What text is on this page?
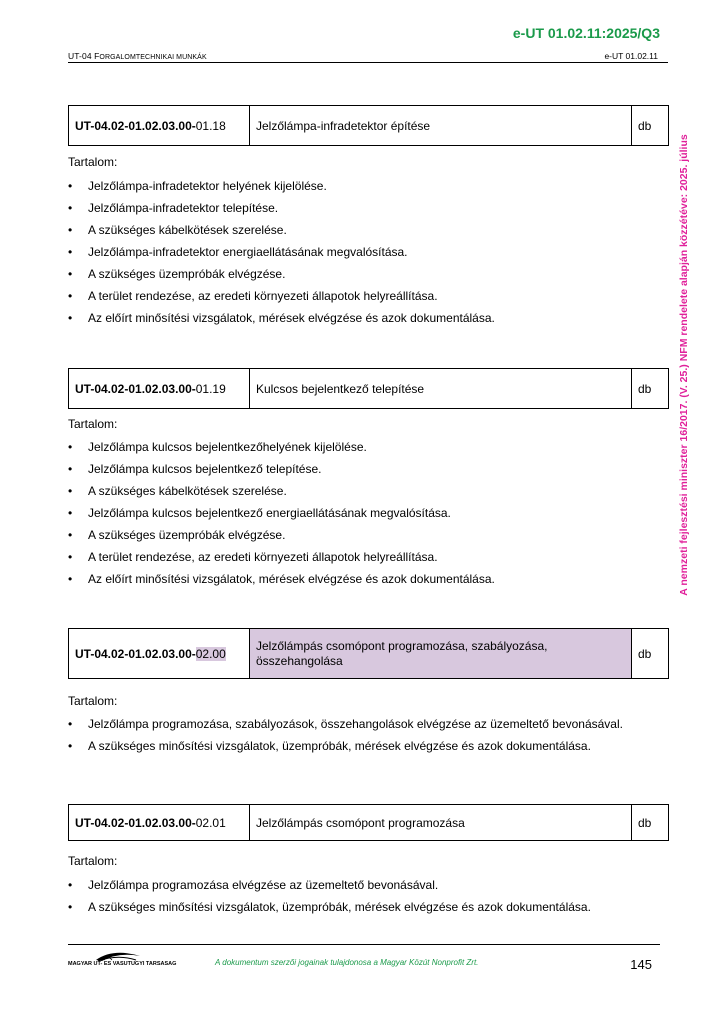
e-UT 01.02.11:2025/Q3
UT-04 FORGALOMTECHNIKAI MUNKÁK	e-UT 01.02.11
A nemzeti fejlesztési miniszter 16/2017. (V. 25.) NFM rendelete alapján közzétéve: 2025. július
UT-04.02-01.02.03.00-01.18	Jelzőlámpa-infradetektor építése	db
Tartalom:
• Jelzőlámpa-infradetektor helyének kijelölése.
• Jelzőlámpa-infradetektor telepítése.
• A szükséges kábelkötések szerelése.
• Jelzőlámpa-infradetektor energiaellátásának megvalósítása.
• A szükséges üzempróbák elvégzése.
• A terület rendezése, az eredeti környezeti állapotok helyreállítása.
• Az előírt minősítési vizsgálatok, mérések elvégzése és azok dokumentálása.
UT-04.02-01.02.03.00-01.19	Kulcsos bejelentkező telepítése	db
Tartalom:
• Jelzőlámpa kulcsos bejelentkezőhelyének kijelölése.
• Jelzőlámpa kulcsos bejelentkező telepítése.
• A szükséges kábelkötések szerelése.
• Jelzőlámpa kulcsos bejelentkező energiaellátásának megvalósítása.
• A szükséges üzempróbák elvégzése.
• A terület rendezése, az eredeti környezeti állapotok helyreállítása.
• Az előírt minősítési vizsgálatok, mérések elvégzése és azok dokumentálása.
UT-04.02-01.02.03.00-02.00	Jelzőlámpás csomópont programozása, szabályozása, összehangolása	db
Tartalom:
• Jelzőlámpa programozása, szabályozások, összehangolások elvégzése az üzemeltető bevonásával.
• A szükséges minősítési vizsgálatok, üzempróbák, mérések elvégzése és azok dokumentálása.
UT-04.02-01.02.03.00-02.01	Jelzőlámpás csomópont programozása	db
Tartalom:
• Jelzőlámpa programozása elvégzése az üzemeltető bevonásával.
• A szükséges minősítési vizsgálatok, üzempróbák, mérések elvégzése és azok dokumentálása.
MAGYAR UT- ES VASUTUGYI TARSASAG	A dokumentum szerzői jogainak tulajdonosa a Magyar Közút Nonprofit Zrt.	145
